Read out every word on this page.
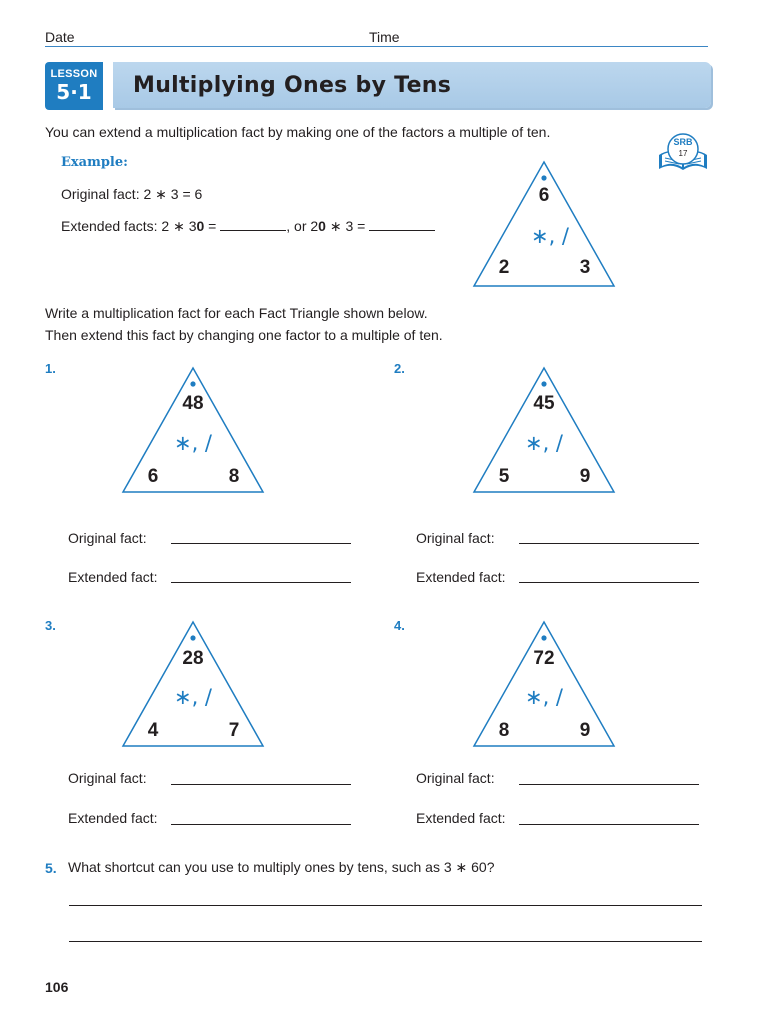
Date	Time
LESSON
5·1	Multiplying Ones by Tens
SRB
17
You can extend a multiplication fact by making one of the factors a multiple of ten.
Example:
Original fact: 2 ∗ 3 = 6
Extended facts: 2 ∗ 30 =	, or 20 ∗ 3 =
6
∗, /
2	3
Write a multiplication fact for each Fact Triangle shown below.
Then extend this fact by changing one factor to a multiple of ten.
1.
48
∗, /
6	8
Original fact:
Extended fact:
2.
45
∗, /
5	9
Original fact:
Extended fact:
3.
28
∗, /
4	7
Original fact:
Extended fact:
4.
72
∗, /
8	9
Original fact:
Extended fact:
5. What shortcut can you use to multiply ones by tens, such as 3 ∗ 60?
106
